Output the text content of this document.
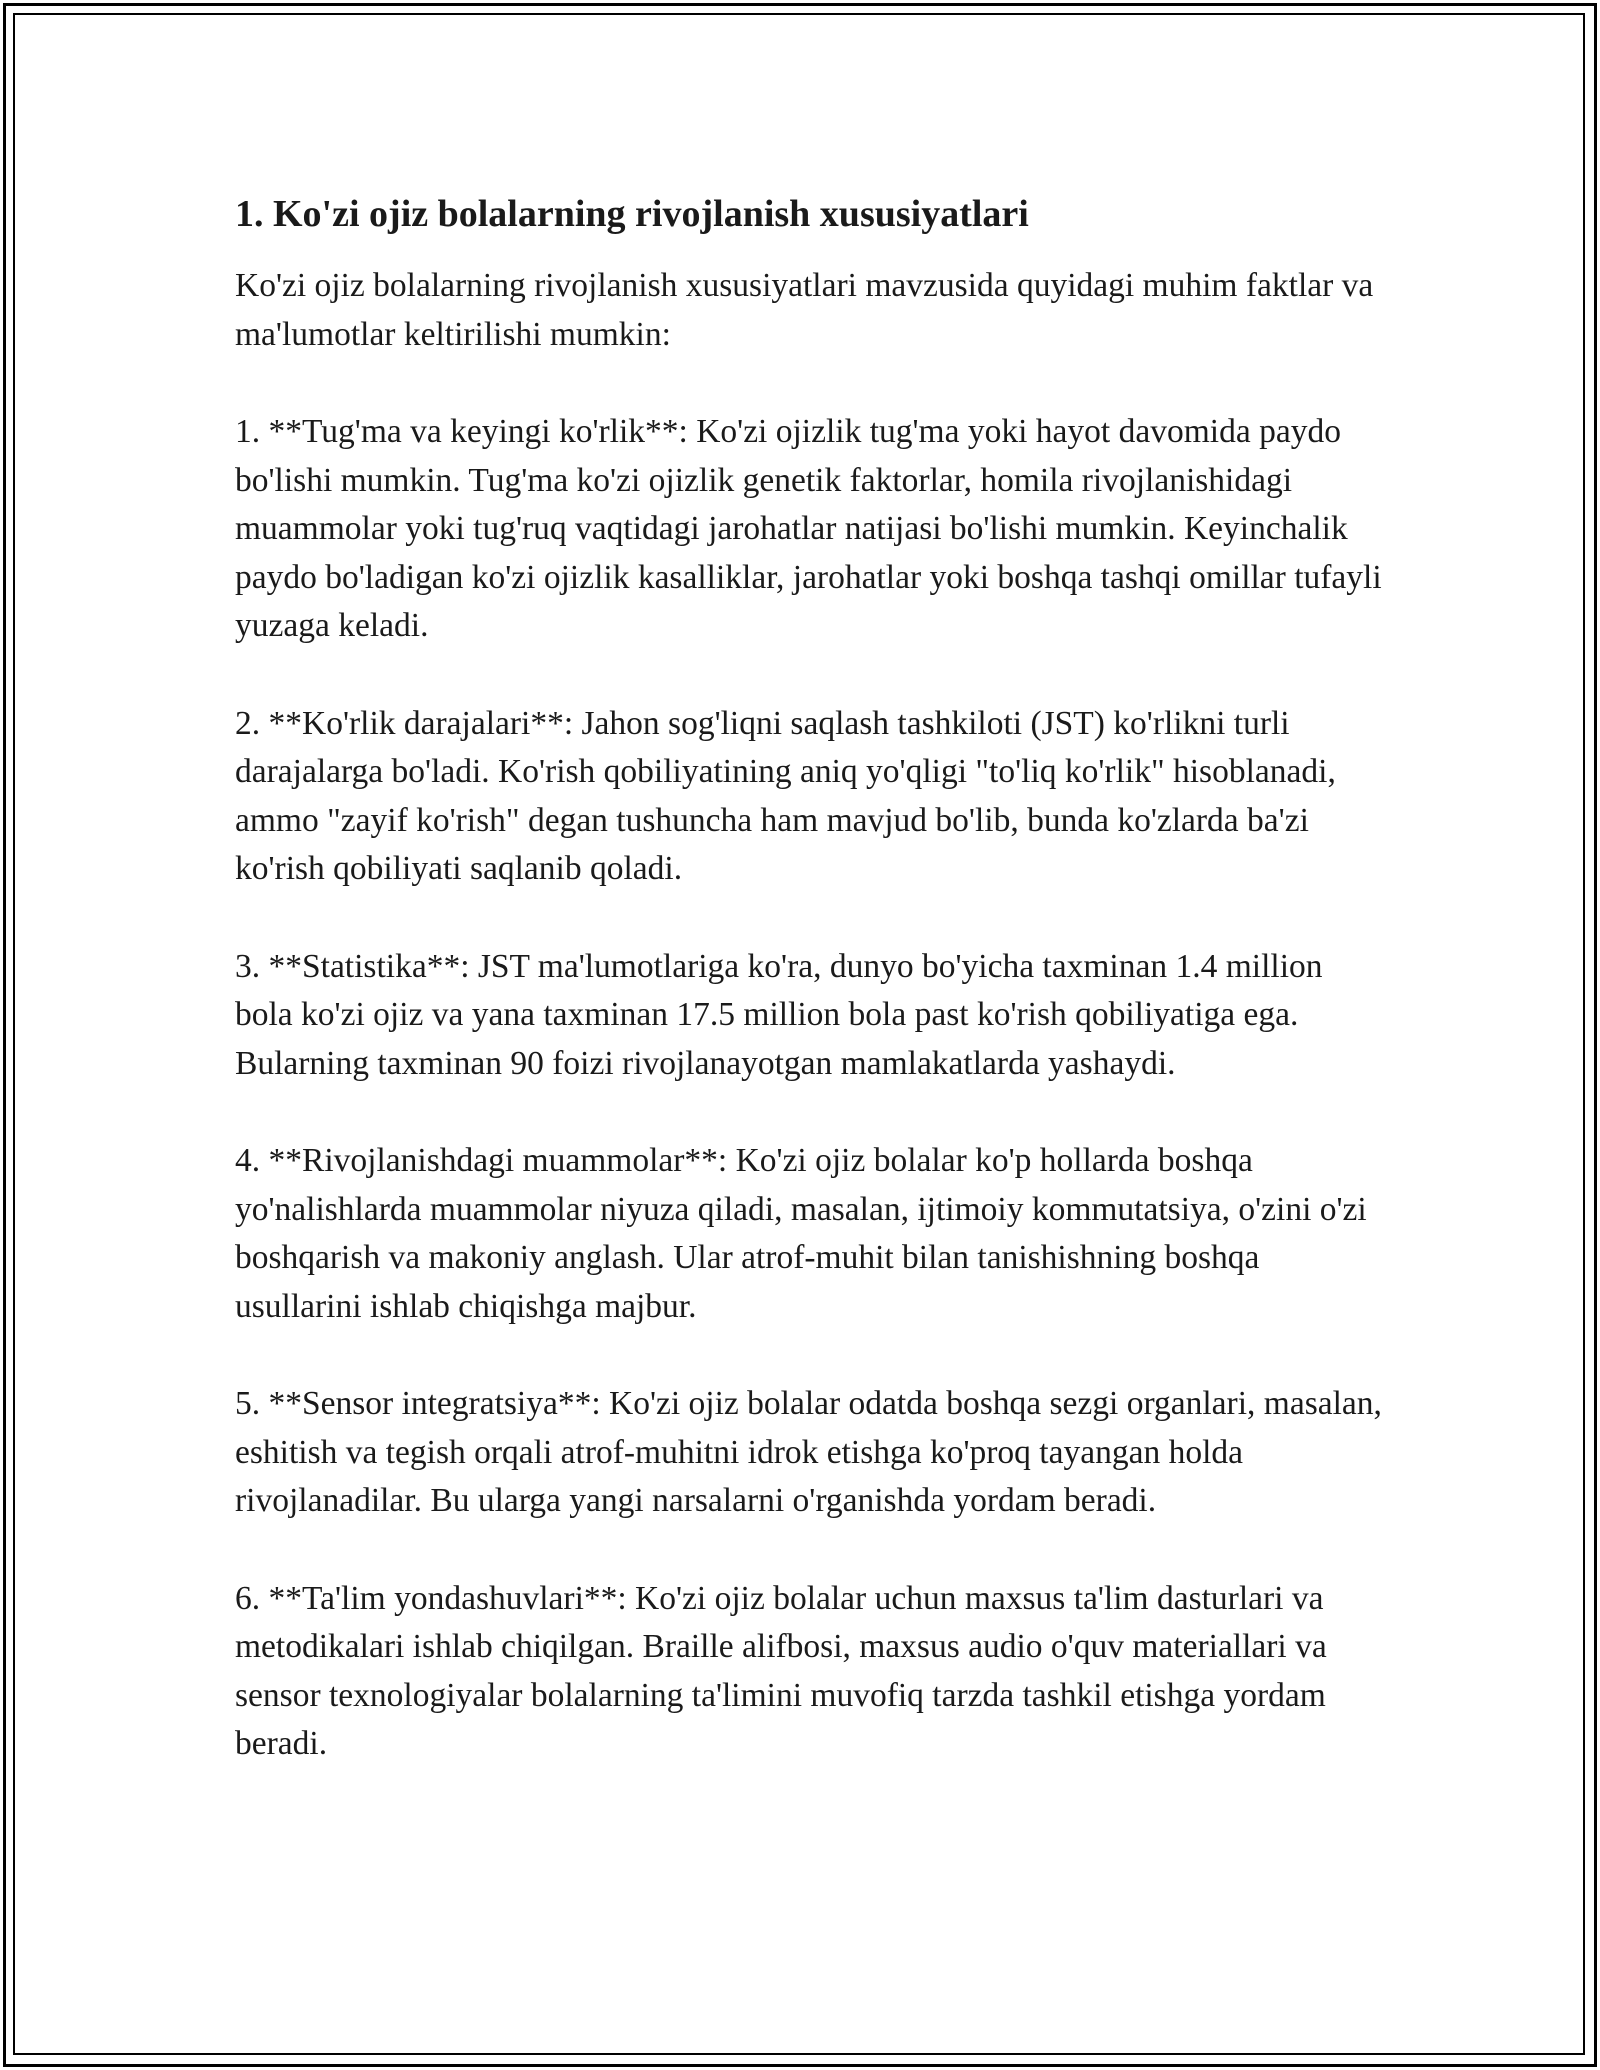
1. Ko'zi ojiz bolalarning rivojlanish xususiyatlari

Ko'zi ojiz bolalarning rivojlanish xususiyatlari mavzusida quyidagi muhim faktlar va ma'lumotlar keltirilishi mumkin:

1. **Tug'ma va keyingi ko'rlik**: Ko'zi ojizlik tug'ma yoki hayot davomida paydo bo'lishi mumkin. Tug'ma ko'zi ojizlik genetik faktorlar, homila rivojlanishidagi muammolar yoki tug'ruq vaqtidagi jarohatlar natijasi bo'lishi mumkin. Keyinchalik paydo bo'ladigan ko'zi ojizlik kasalliklar, jarohatlar yoki boshqa tashqi omillar tufayli yuzaga keladi.

2. **Ko'rlik darajalari**: Jahon sog'liqni saqlash tashkiloti (JST) ko'rlikni turli darajalarga bo'ladi. Ko'rish qobiliyatining aniq yo'qligi "to'liq ko'rlik" hisoblanadi, ammo "zayif ko'rish" degan tushuncha ham mavjud bo'lib, bunda ko'zlarda ba'zi ko'rish qobiliyati saqlanib qoladi.

3. **Statistika**: JST ma'lumotlariga ko'ra, dunyo bo'yicha taxminan 1.4 million bola ko'zi ojiz va yana taxminan 17.5 million bola past ko'rish qobiliyatiga ega. Bularning taxminan 90 foizi rivojlanayotgan mamlakatlarda yashaydi.

4. **Rivojlanishdagi muammolar**: Ko'zi ojiz bolalar ko'p hollarda boshqa yo'nalishlarda muammolar niyuza qiladi, masalan, ijtimoiy kommutatsiya, o'zini o'zi boshqarish va makoniy anglash. Ular atrof-muhit bilan tanishishning boshqa usullarini ishlab chiqishga majbur.

5. **Sensor integratsiya**: Ko'zi ojiz bolalar odatda boshqa sezgi organlari, masalan, eshitish va tegish orqali atrof-muhitni idrok etishga ko'proq tayangan holda rivojlanadilar. Bu ularga yangi narsalarni o'rganishda yordam beradi.

6. **Ta'lim yondashuvlari**: Ko'zi ojiz bolalar uchun maxsus ta'lim dasturlari va metodikalari ishlab chiqilgan. Braille alifbosi, maxsus audio o'quv materiallari va sensor texnologiyalar bolalarning ta'limini muvofiq tarzda tashkil etishga yordam beradi.
